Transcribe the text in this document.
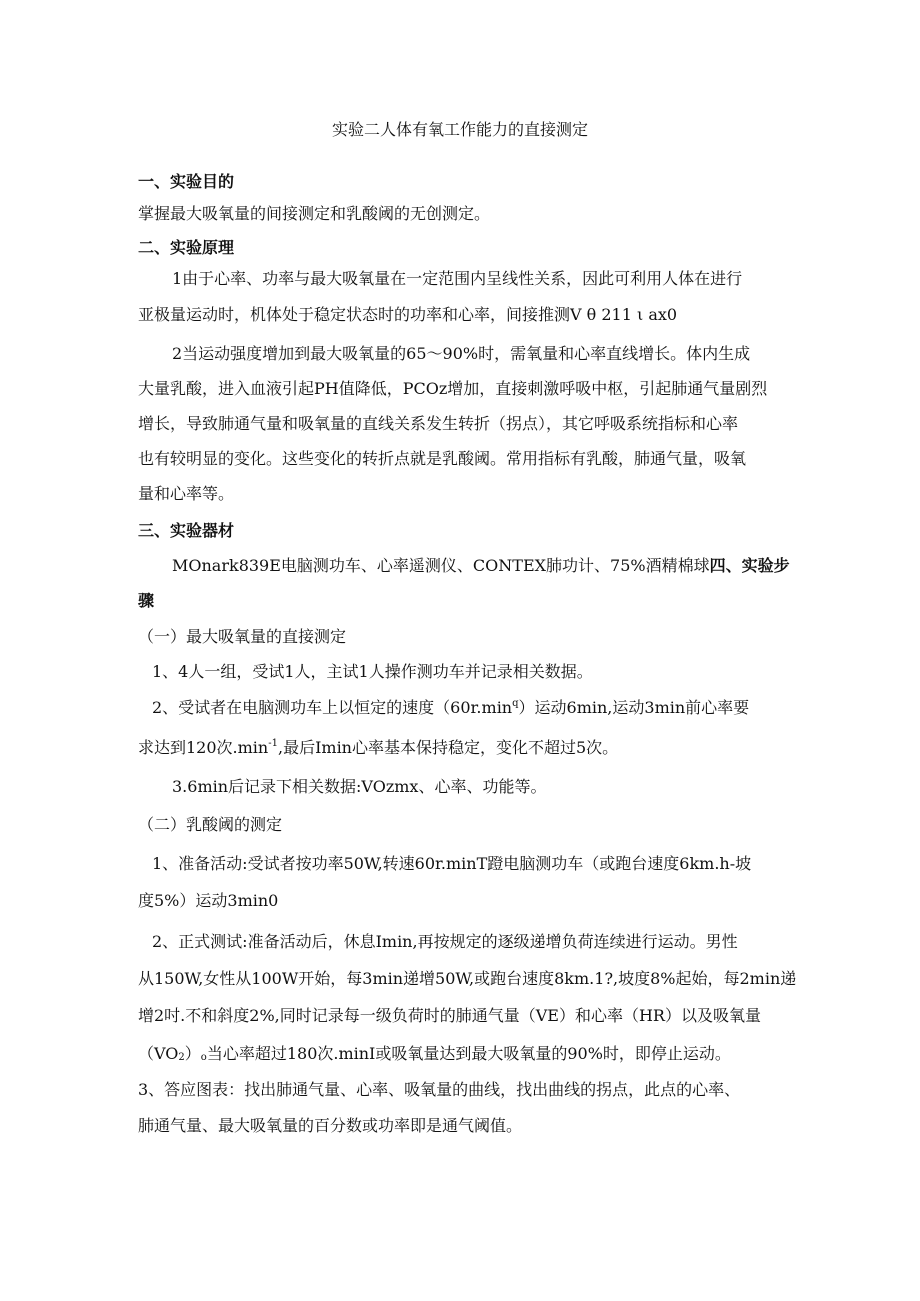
实验二人体有氧工作能力的直接测定
一、实验目的
掌握最大吸氧量的间接测定和乳酸阈的无创测定。
二、实验原理
1由于心率、功率与最大吸氧量在一定范围内呈线性关系，因此可利用人体在进行
亚极量运动时，机体处于稳定状态时的功率和心率，间接推测V θ 211 ι ax0
2当运动强度增加到最大吸氧量的65～90%时，需氧量和心率直线增长。体内生成
大量乳酸，进入血液引起PH值降低，PCOz增加，直接刺激呼吸中枢，引起肺通气量剧烈
增长，导致肺通气量和吸氧量的直线关系发生转折（拐点），其它呼吸系统指标和心率
也有较明显的变化。这些变化的转折点就是乳酸阈。常用指标有乳酸，肺通气量，吸氧
量和心率等。
三、实验器材
MOnark839E电脑测功车、心率遥测仪、CONTEX肺功计、75%酒精棉球四、实验步
骤
（一）最大吸氧量的直接测定
1、4人一组，受试1人，主试1人操作测功车并记录相关数据。
2、受试者在电脑测功车上以恒定的速度$(60r.\min^q)$运动6min,运动3min前心率要
求达到120次$.\min^{-1}$,最后Imin心率基本保持稳定，变化不超过5次。
3.6min后记录下相关数据:VOzmx、心率、功能等。
（二）乳酸阈的测定
1、准备活动:受试者按功率50W,转速60r.minT蹬电脑测功车（或跑台速度6km.h-坡
度5%）运动3min0
2、正式测试:准备活动后，休息Imin,再按规定的逐级递增负荷连续进行运动。男性
从150W,女性从100W开始，每3min递增50W,或跑台速度8km.1?,坡度8%起始，每2min递
增2吋.不和斜度2%,同时记录每一级负荷时的肺通气量（VE）和心率（HR）以及吸氧量
$(VO_2)_o$当心率超过180次.minI或吸氧量达到最大吸氧量的90%时，即停止运动。
3、答应图表：找出肺通气量、心率、吸氧量的曲线，找出曲线的拐点，此点的心率、
肺通气量、最大吸氧量的百分数或功率即是通气阈值。
